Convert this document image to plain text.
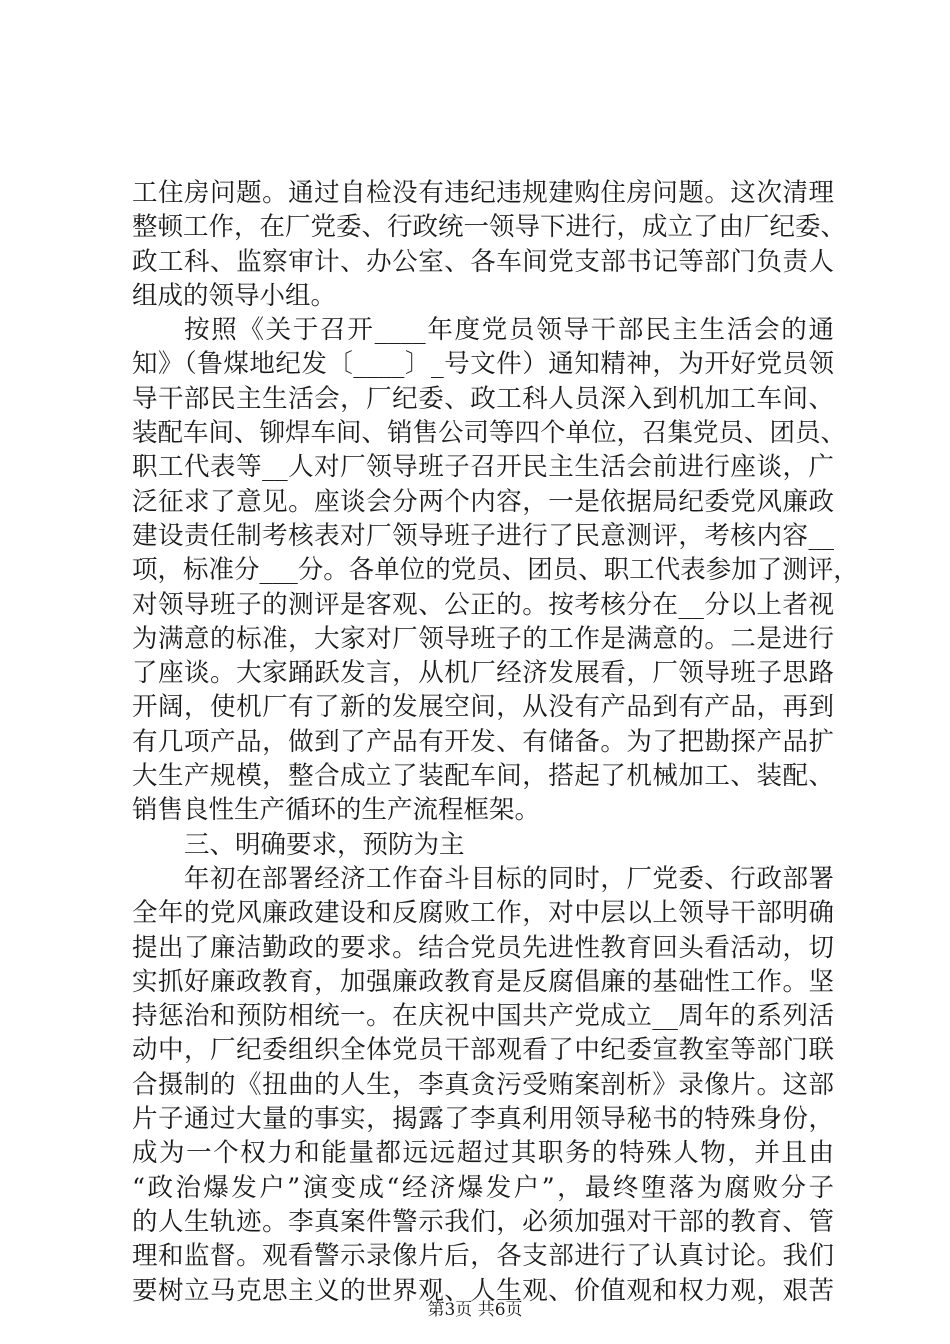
工住房问题。通过自检没有违纪违规建购住房问题。这次清理
整顿工作，在厂党委、行政统一领导下进行，成立了由厂纪委、
政工科、监察审计、办公室、各车间党支部书记等部门负责人
组成的领导小组。
按照《关于召开____年度党员领导干部民主生活会的通
知》（鲁煤地纪发〔____〕_号文件）通知精神，为开好党员领
导干部民主生活会，厂纪委、政工科人员深入到机加工车间、
装配车间、铆焊车间、销售公司等四个单位，召集党员、团员、
职工代表等__人对厂领导班子召开民主生活会前进行座谈，广
泛征求了意见。座谈会分两个内容，一是依据局纪委党风廉政
建设责任制考核表对厂领导班子进行了民意测评，考核内容__
项，标准分___分。各单位的党员、团员、职工代表参加了测评，
对领导班子的测评是客观、公正的。按考核分在__分以上者视
为满意的标准，大家对厂领导班子的工作是满意的。二是进行
了座谈。大家踊跃发言，从机厂经济发展看，厂领导班子思路
开阔，使机厂有了新的发展空间，从没有产品到有产品，再到
有几项产品，做到了产品有开发、有储备。为了把勘探产品扩
大生产规模，整合成立了装配车间，搭起了机械加工、装配、
销售良性生产循环的生产流程框架。
三、明确要求，预防为主
年初在部署经济工作奋斗目标的同时，厂党委、行政部署
全年的党风廉政建设和反腐败工作，对中层以上领导干部明确
提出了廉洁勤政的要求。结合党员先进性教育回头看活动，切
实抓好廉政教育，加强廉政教育是反腐倡廉的基础性工作。坚
持惩治和预防相统一。在庆祝中国共产党成立__周年的系列活
动中，厂纪委组织全体党员干部观看了中纪委宣教室等部门联
合摄制的《扭曲的人生，李真贪污受贿案剖析》录像片。这部
片子通过大量的事实，揭露了李真利用领导秘书的特殊身份，
成为一个权力和能量都远远超过其职务的特殊人物，并且由
“政治爆发户”演变成“经济爆发户”，最终堕落为腐败分子
的人生轨迹。李真案件警示我们，必须加强对干部的教育、管
理和监督。观看警示录像片后，各支部进行了认真讨论。我们
要树立马克思主义的世界观、人生观、价值观和权力观，艰苦
第3页 共6页
